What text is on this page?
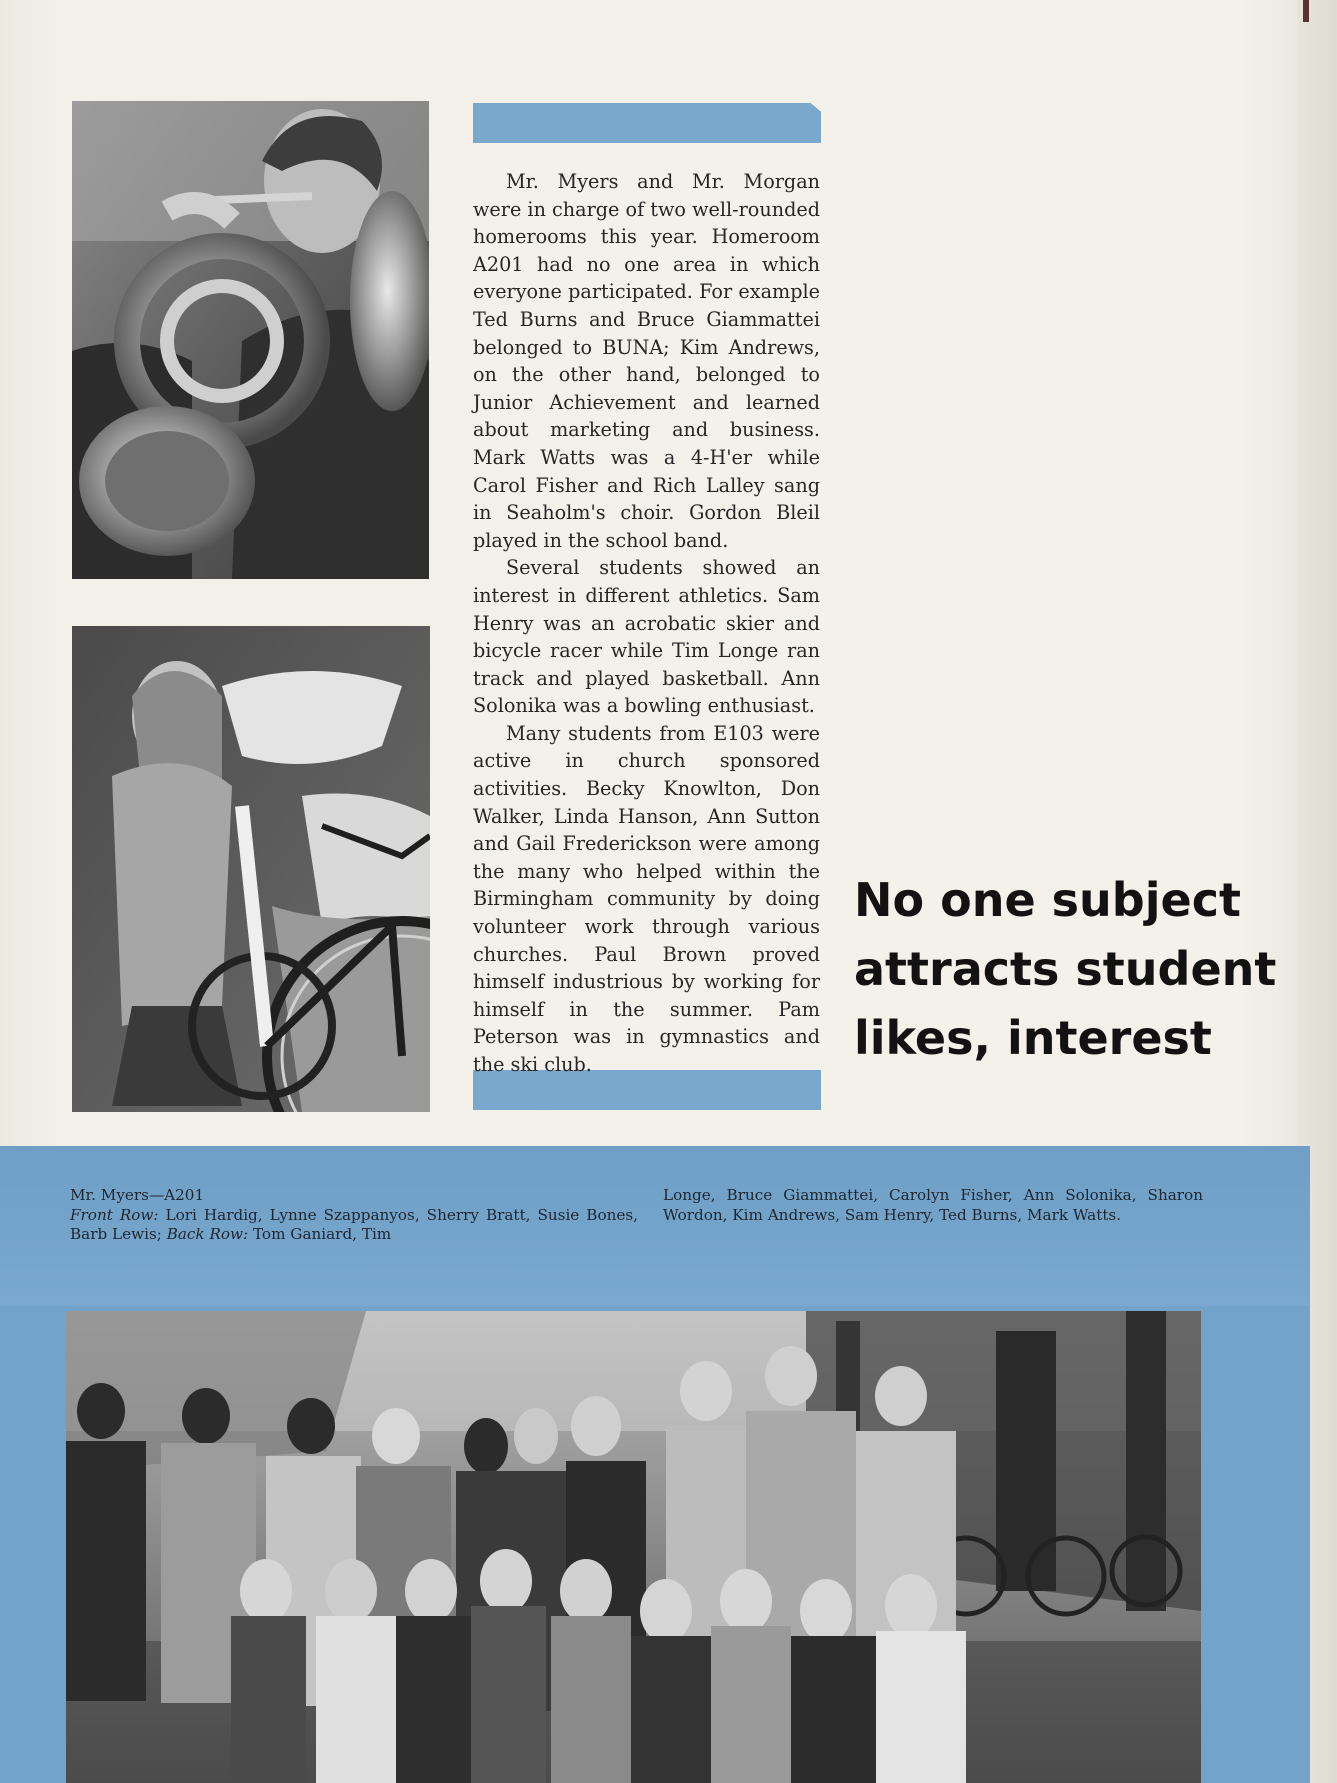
Mr. Myers and Mr. Morgan were in charge of two well-rounded homerooms this year. Homeroom A201 had no one area in which everyone participated. For example Ted Burns and Bruce Giammattei belonged to BUNA; Kim Andrews, on the other hand, belonged to Junior Achievement and learned about marketing and business. Mark Watts was a 4-H'er while Carol Fisher and Rich Lalley sang in Seaholm's choir. Gordon Bleil played in the school band.

Several students showed an interest in different athletics. Sam Henry was an acrobatic skier and bicycle racer while Tim Longe ran track and played basketball. Ann Solonika was a bowling enthusiast.

Many students from E103 were active in church sponsored activities. Becky Knowlton, Don Walker, Linda Hanson, Ann Sutton and Gail Frederickson were among the many who helped within the Birmingham community by doing volunteer work through various churches. Paul Brown proved himself industrious by working for himself in the summer. Pam Peterson was in gymnastics and the ski club.

No one subject
attracts student
likes, interest
Mr. Myers—A201
Front Row: Lori Hardig, Lynne Szappanyos, Sherry Bratt, Susie Bones, Barb Lewis; Back Row: Tom Ganiard, Tim
Longe, Bruce Giammattei, Carolyn Fisher, Ann Solonika, Sharon Wordon, Kim Andrews, Sam Henry, Ted Burns, Mark Watts.
